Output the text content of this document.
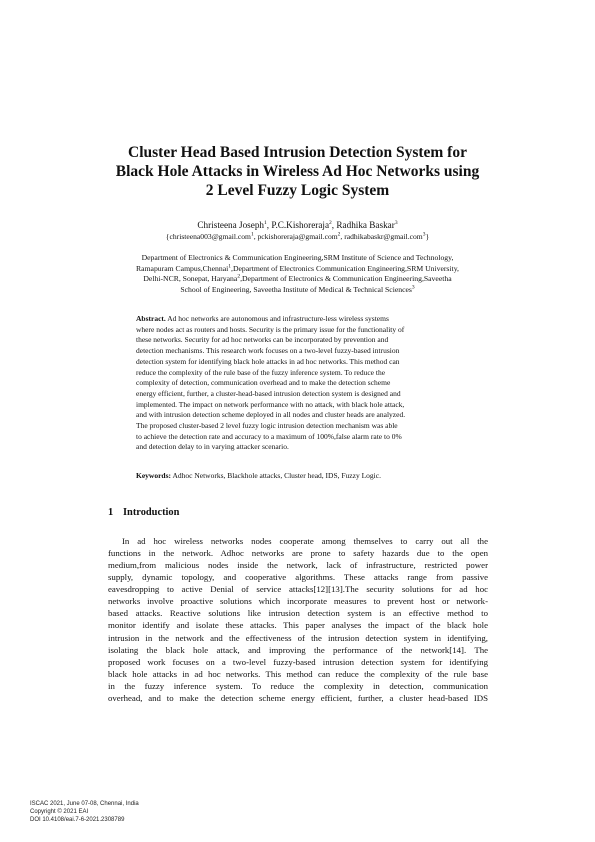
Cluster Head Based Intrusion Detection System for
Black Hole Attacks in Wireless Ad Hoc Networks using
2 Level Fuzzy Logic System
Christeena Joseph$^1$, P.C.Kishoreraja$^2$, Radhika Baskar$^3$
{christeena003@gmail.com$^1$, pckishoreraja@gmail.com$^2$, radhikabaskr@gmail.com$^3$}
Department of Electronics & Communication Engineering,SRM Institute of Science and Technology,
Ramapuram Campus,Chennai$^1$,Department of Electronics Communication Engineering,SRM University,
Delhi-NCR, Sonepat, Haryana$^2$,Department of Electronics & Communication Engineering,Saveetha
School of Engineering, Saveetha Institute of Medical & Technical Sciences$^3$
Abstract. Ad hoc networks are autonomous and infrastructure-less wireless systems
where nodes act as routers and hosts. Security is the primary issue for the functionality of
these networks. Security for ad hoc networks can be incorporated by prevention and
detection mechanisms. This research work focuses on a two-level fuzzy-based intrusion
detection system for identifying black hole attacks in ad hoc networks. This method can
reduce the complexity of the rule base of the fuzzy inference system. To reduce the
complexity of detection, communication overhead and to make the detection scheme
energy efficient, further, a cluster-head-based intrusion detection system is designed and
implemented. The impact on network performance with no attack, with black hole attack,
and with intrusion detection scheme deployed in all nodes and cluster heads are analyzed.
The proposed cluster-based 2 level fuzzy logic intrusion detection mechanism was able
to achieve the detection rate and accuracy to a maximum of 100%,false alarm rate to 0%
and detection delay to in varying attacker scenario.
Keywords: Adhoc Networks, Blackhole attacks, Cluster head, IDS, Fuzzy Logic.
1 Introduction
In ad hoc wireless networks nodes cooperate among themselves to carry out all the
functions in the network. Adhoc networks are prone to safety hazards due to the open
medium,from malicious nodes inside the network, lack of infrastructure, restricted power
supply, dynamic topology, and cooperative algorithms. These attacks range from passive
eavesdropping to active Denial of service attacks[12][13].The security solutions for ad hoc
networks involve proactive solutions which incorporate measures to prevent host or network-
based attacks. Reactive solutions like intrusion detection system is an effective method to
monitor identify and isolate these attacks. This paper analyses the impact of the black hole
intrusion in the network and the effectiveness of the intrusion detection system in identifying,
isolating the black hole attack, and improving the performance of the network[14]. The
proposed work focuses on a two-level fuzzy-based intrusion detection system for identifying
black hole attacks in ad hoc networks. This method can reduce the complexity of the rule base
in the fuzzy inference system. To reduce the complexity in detection, communication
overhead, and to make the detection scheme energy efficient, further, a cluster head-based IDS
ISCAC 2021, June 07-08, Chennai, India
Copyright © 2021 EAI
DOI 10.4108/eai.7-6-2021.2308789
